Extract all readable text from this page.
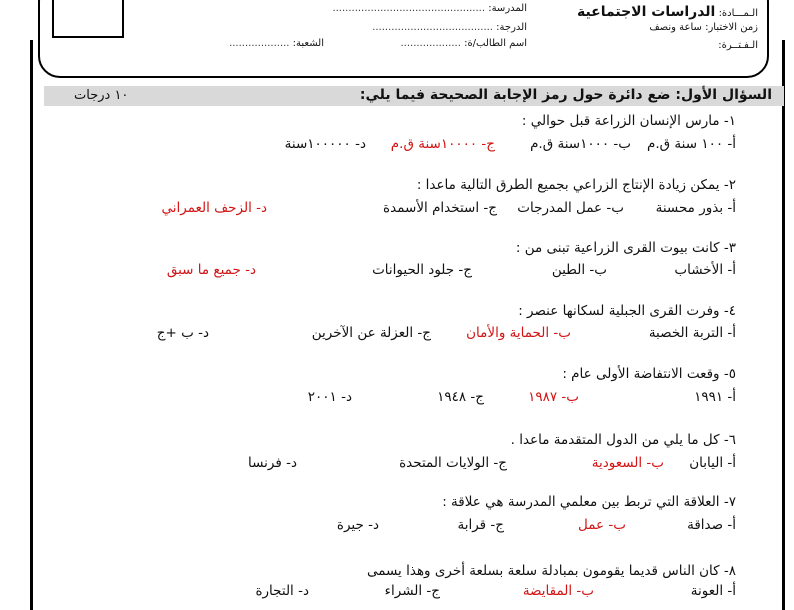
الـمـــادة: الدراسات الاجتماعية
المدرسة: ................................................
زمن الاختبار: ساعة ونصف
الدرجة: ......................................
الـفـتــرة:
اسم الطالب/ة: ...................
الشعبة: ...................
السؤال الأول: ضع دائرة حول رمز الإجابة الصحيحة فيما يلي:
١٠ درجات
١- مارس الإنسان الزراعة قبل حوالي :
أ- ١٠٠ سنة ق.م
ب- ١٠٠٠سنة ق.م
ج- ١٠٠٠٠سنة ق.م
د- ١٠٠٠٠٠سنة
٢- يمكن زيادة الإنتاج الزراعي بجميع الطرق التالية ماعدا :
أ- بذور محسنة
ب- عمل المدرجات
ج- استخدام الأسمدة
د- الزحف العمراني
٣- كانت بيوت القرى الزراعية تبنى من :
أ- الأخشاب
ب- الطين
ج- جلود الحيوانات
د- جميع ما سبق
٤- وفرت القرى الجبلية لسكانها عنصر :
أ- التربة الخصبة
ب- الحماية والأمان
ج- العزلة عن الآخرين
د- ب +ج
٥- وقعت الانتفاضة الأولى عام :
أ- ١٩٩١
ب- ١٩٨٧
ج- ١٩٤٨
د- ٢٠٠١
٦- كل ما يلي من الدول المتقدمة ماعدا .
أ- اليابان
ب- السعودية
ج- الولايات المتحدة
د- فرنسا
٧- العلاقة التي تربط بين معلمي المدرسة هي علاقة :
أ- صداقة
ب- عمل
ج- قرابة
د- جيرة
٨- كان الناس قديما يقومون بمبادلة سلعة بسلعة أخرى وهذا يسمى
أ- العونة
ب- المقايضة
ج- الشراء
د- التجارة
